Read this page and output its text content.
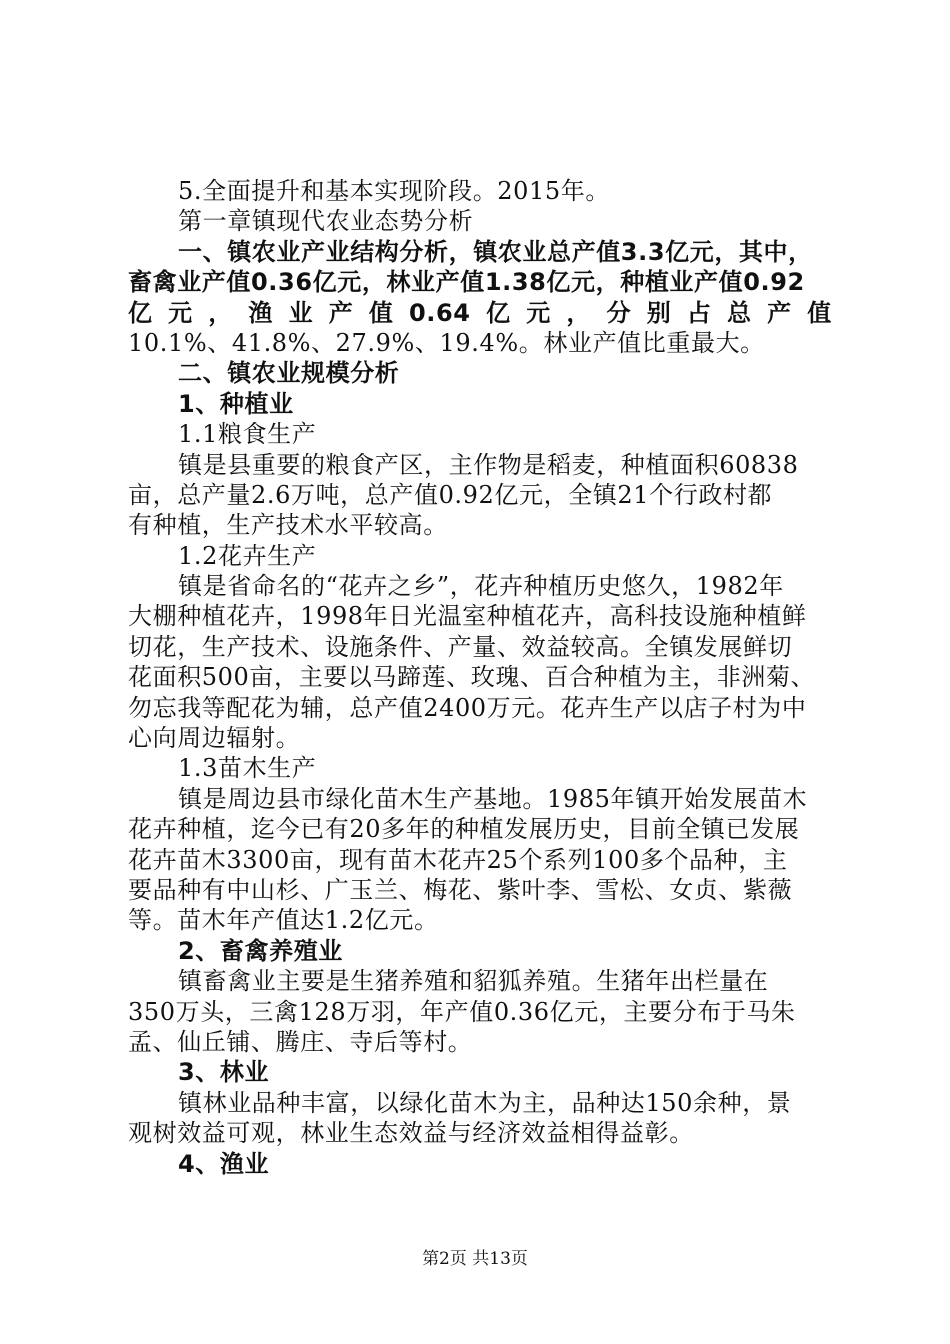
5.全面提升和基本实现阶段。2015年。
第一章镇现代农业态势分析
一、镇农业产业结构分析，镇农业总产值3.3亿元，其中，
畜禽业产值0.36亿元，林业产值1.38亿元，种植业产值0.92
亿 元 ， 渔 业 产 值 0.64 亿 元 ， 分 别 占 总 产 值
10.1%、41.8%、27.9%、19.4%。林业产值比重最大。
二、镇农业规模分析
1、种植业
1.1粮食生产
镇是县重要的粮食产区，主作物是稻麦，种植面积60838
亩，总产量2.6万吨，总产值0.92亿元，全镇21个行政村都
有种植，生产技术水平较高。
1.2花卉生产
镇是省命名的“花卉之乡”，花卉种植历史悠久，1982年
大棚种植花卉，1998年日光温室种植花卉，高科技设施种植鲜
切花，生产技术、设施条件、产量、效益较高。全镇发展鲜切
花面积500亩，主要以马蹄莲、玫瑰、百合种植为主，非洲菊、
勿忘我等配花为辅，总产值2400万元。花卉生产以店子村为中
心向周边辐射。
1.3苗木生产
镇是周边县市绿化苗木生产基地。1985年镇开始发展苗木
花卉种植，迄今已有20多年的种植发展历史，目前全镇已发展
花卉苗木3300亩，现有苗木花卉25个系列100多个品种，主
要品种有中山杉、广玉兰、梅花、紫叶李、雪松、女贞、紫薇
等。苗木年产值达1.2亿元。
2、畜禽养殖业
镇畜禽业主要是生猪养殖和貂狐养殖。生猪年出栏量在
350万头，三禽128万羽，年产值0.36亿元，主要分布于马朱
孟、仙丘铺、腾庄、寺后等村。
3、林业
镇林业品种丰富，以绿化苗木为主，品种达150余种，景
观树效益可观，林业生态效益与经济效益相得益彰。
4、渔业
第2页 共13页
